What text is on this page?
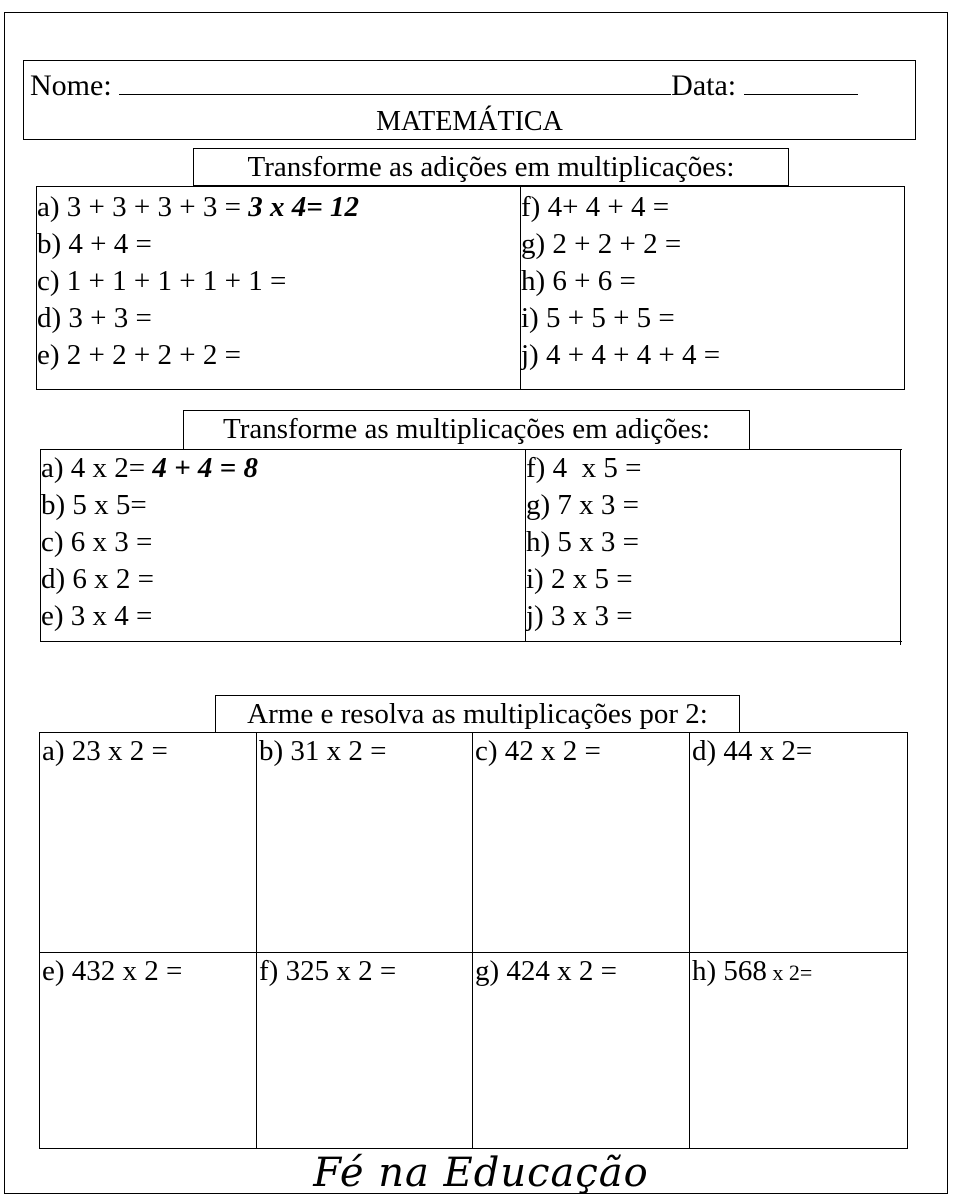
Nome:	Data:
MATEMÁTICA
Transforme as adições em multiplicações:
a) 3 + 3 + 3 + 3 = 3 x 4= 12
b) 4 + 4 =
c) 1 + 1 + 1 + 1 + 1 =
d) 3 + 3 =
e) 2 + 2 + 2 + 2 =
f) 4+ 4 + 4 =
g) 2 + 2 + 2 =
h) 6 + 6 =
i) 5 + 5 + 5 =
j) 4 + 4 + 4 + 4 =
Transforme as multiplicações em adições:
a) 4 x 2= 4 + 4 = 8
b) 5 x 5=
c) 6 x 3 =
d) 6 x 2 =
e) 3 x 4 =
f) 4  x 5 =
g) 7 x 3 =
h) 5 x 3 =
i) 2 x 5 =
j) 3 x 3 =
Arme e resolva as multiplicações por 2:
a) 23 x 2 =	b) 31 x 2 =	c) 42 x 2 =	d) 44 x 2=
e) 432 x 2 =	f) 325 x 2 =	g) 424 x 2 =	h) 568 x 2=
Fé na Educação
